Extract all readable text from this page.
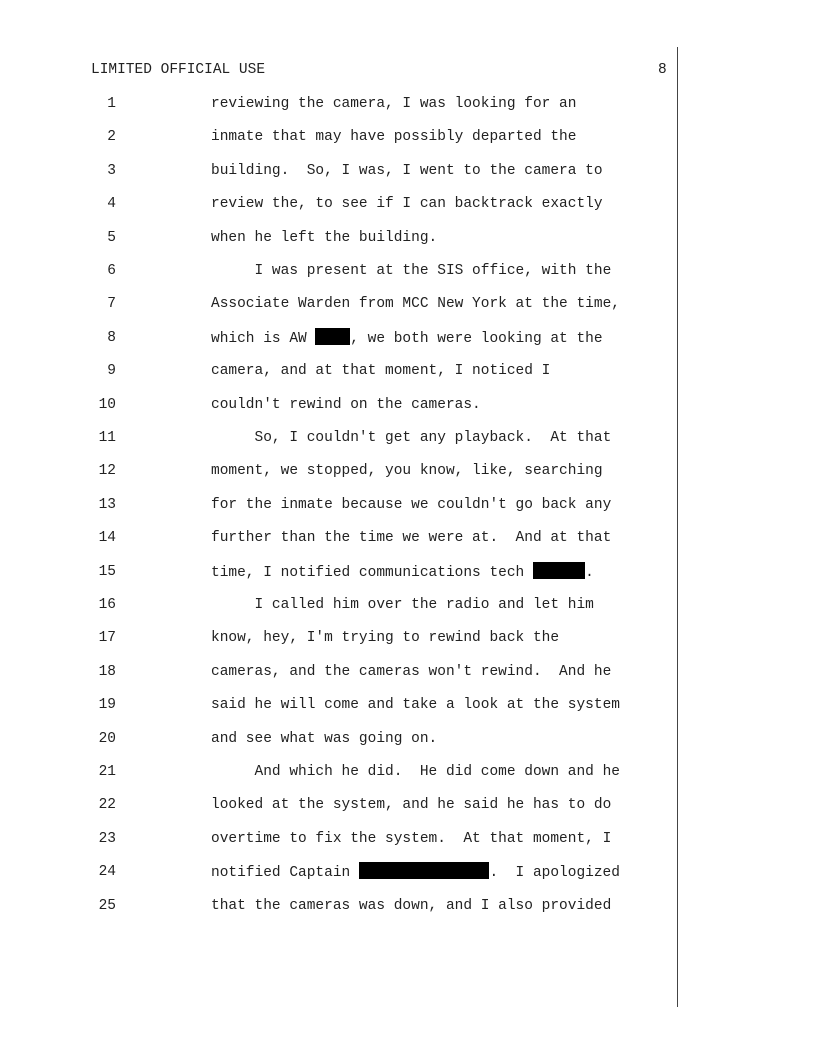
LIMITED OFFICIAL USE	8
1	reviewing the camera, I was looking for an
2	inmate that may have possibly departed the
3	building.  So, I was, I went to the camera to
4	review the, to see if I can backtrack exactly
5	when he left the building.
6	I was present at the SIS office, with the
7	Associate Warden from MCC New York at the time,
8	which is AW , we both were looking at the
9	camera, and at that moment, I noticed I
10	couldn't rewind on the cameras.
11	So, I couldn't get any playback.  At that
12	moment, we stopped, you know, like, searching
13	for the inmate because we couldn't go back any
14	further than the time we were at.  And at that
15	time, I notified communications tech	.
16	I called him over the radio and let him
17	know, hey, I'm trying to rewind back the
18	cameras, and the cameras won't rewind.  And he
19	said he will come and take a look at the system
20	and see what was going on.
21	And which he did.  He did come down and he
22	looked at the system, and he said he has to do
23	overtime to fix the system.  At that moment, I
24	notified Captain	.  I apologized
25	that the cameras was down, and I also provided
